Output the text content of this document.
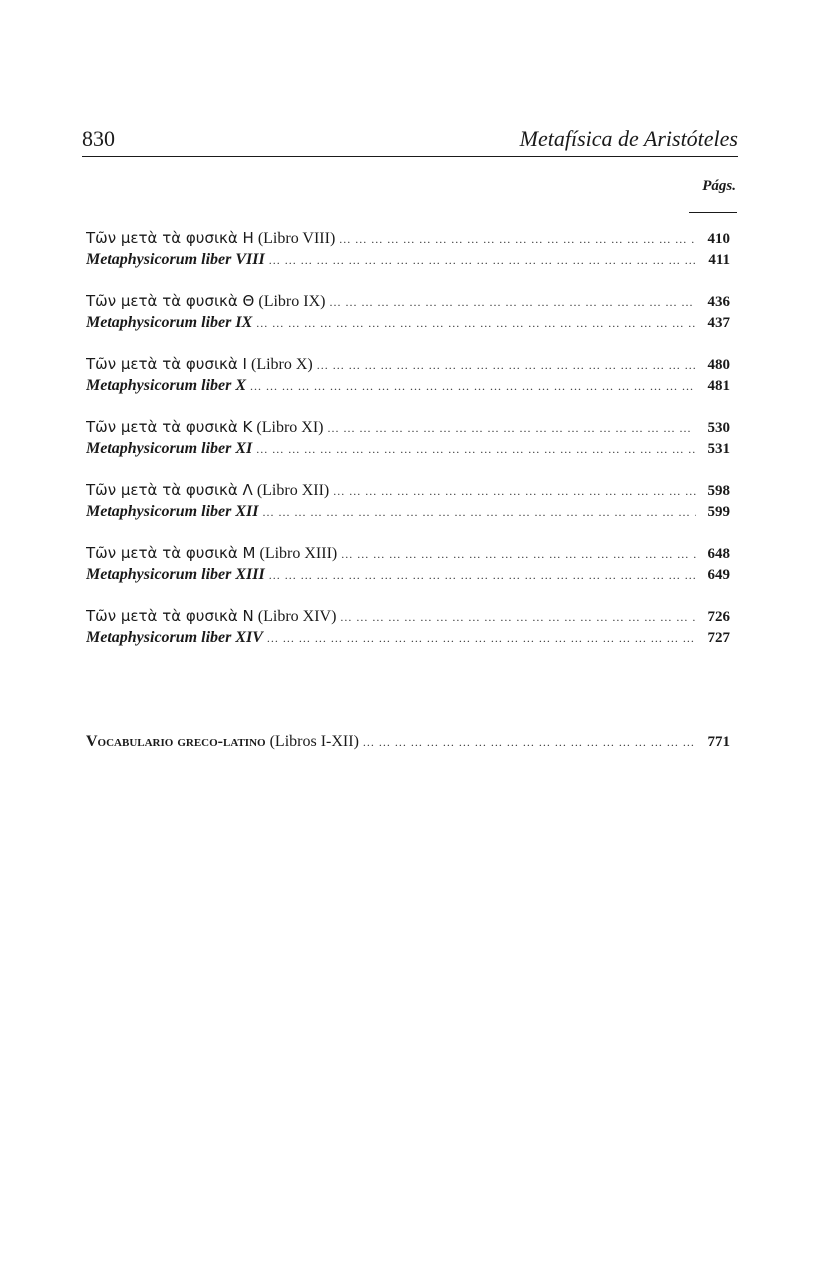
830	Metafísica de Aristóteles
Págs.
Τῶν μετὰ τὰ φυσικὰ Η (Libro VIII) ... .	410
Metaphysicorum liber VIII ... .	411
Τῶν μετὰ τὰ φυσικὰ Θ (Libro IX) ... .	436
Metaphysicorum liber IX ... .	437
Τῶν μετὰ τὰ φυσικὰ Ι (Libro X) ... .	480
Metaphysicorum liber X ... .	481
Τῶν μετὰ τὰ φυσικὰ Κ (Libro XI) ... .	530
Metaphysicorum liber XI ... .	531
Τῶν μετὰ τὰ φυσικὰ Λ (Libro XII) ... .	598
Metaphysicorum liber XII ... .	599
Τῶν μετὰ τὰ φυσικὰ Μ (Libro XIII) ... .	648
Metaphysicorum liber XIII ... .	649
Τῶν μετὰ τὰ φυσικὰ Ν (Libro XIV) ... .	726
Metaphysicorum liber XIV ... .	727
Vocabulario greco-latino (Libros I-XII) ... .	771
